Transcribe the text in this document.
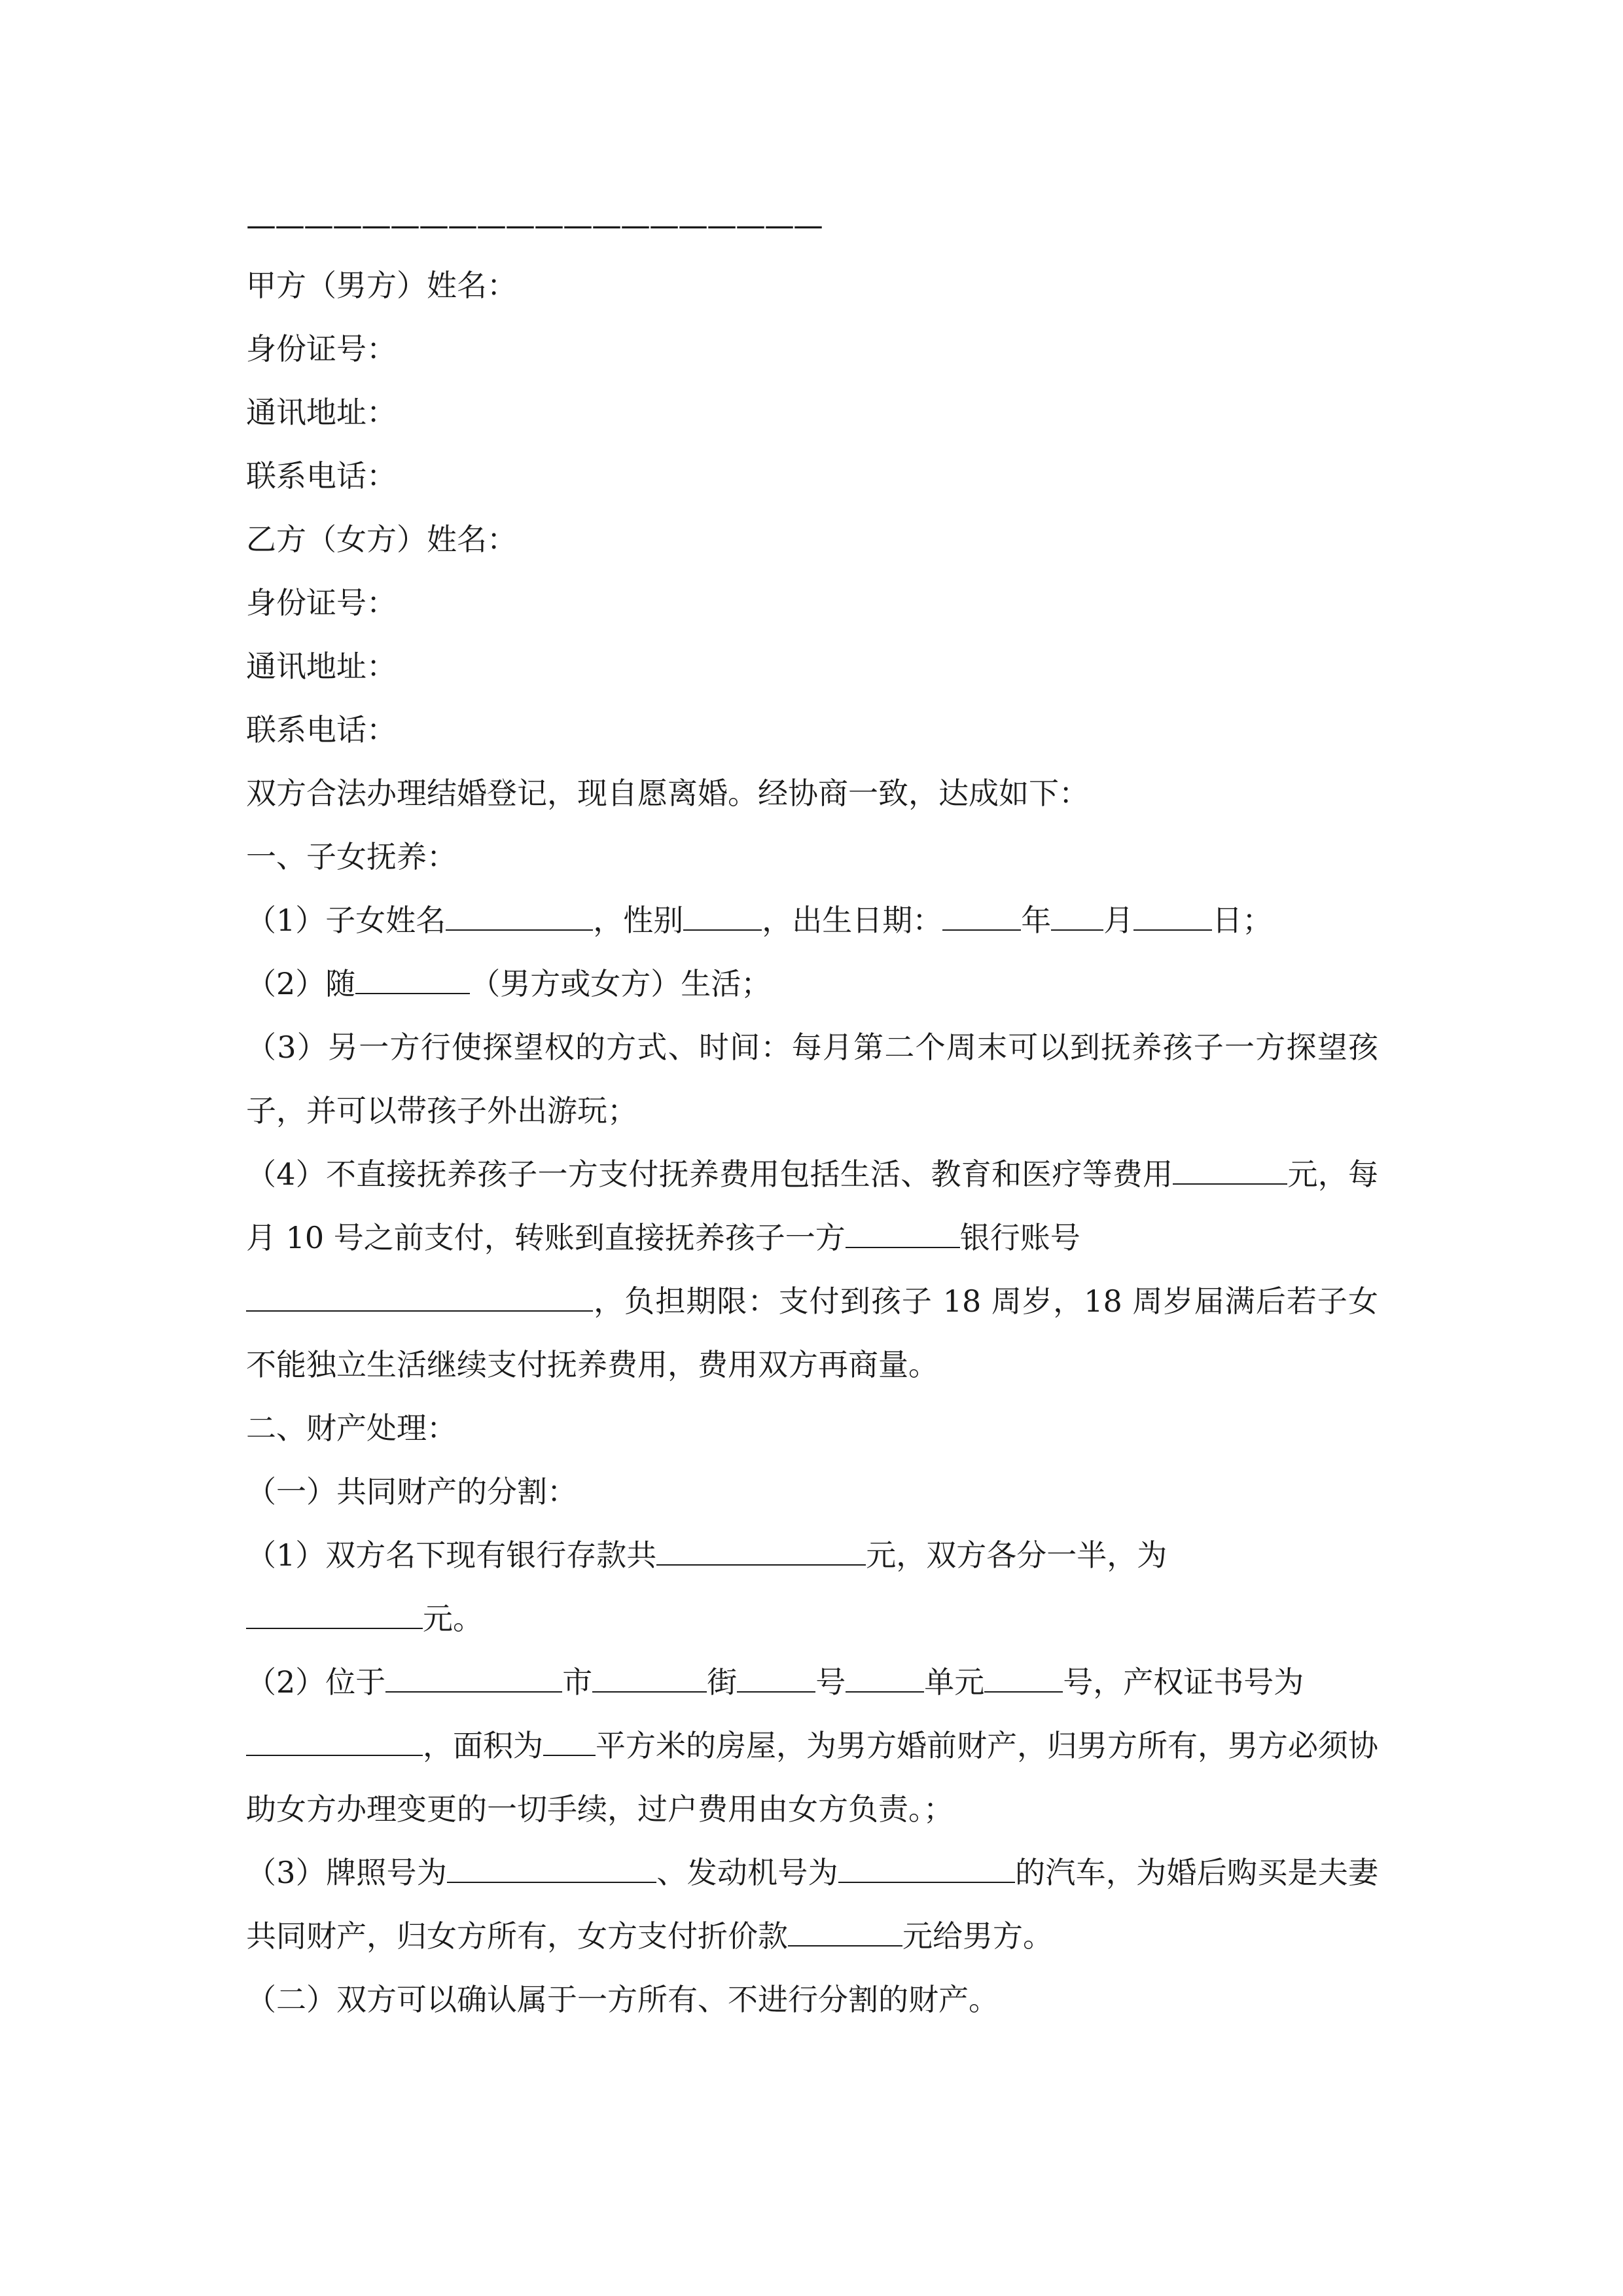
————————————————————
甲方（男方）姓名：
身份证号：
通讯地址：
联系电话：
乙方（女方）姓名：
身份证号：
通讯地址：
联系电话：
双方合法办理结婚登记，现自愿离婚。经协商一致，达成如下：
一、子女抚养：
（1）子女姓名	，性别	，出生日期：	年 月	日；
（2）随	（男方或女方）生活；
（3）另一方行使探望权的方式、时间：每月第二个周末可以到抚养孩子一方探望孩子，并可以带孩子外出游玩；
（4）不直接抚养孩子一方支付抚养费用包括生活、教育和医疗等费用	元，每月 10 号之前支付，转账到直接抚养孩子一方	银行账号
，负担期限：支付到孩子 18 周岁，18 周岁届满后若子女不能独立生活继续支付抚养费用，费用双方再商量。
二、财产处理：
（一）共同财产的分割：
（1）双方名下现有银行存款共	元，双方各分一半，为
元。
（2）位于	市	街	号	单元	号，产权证书号为
，面积为 平方米的房屋，为男方婚前财产，归男方所有，男方必须协助女方办理变更的一切手续，过户费用由女方负责。；
（3）牌照号为	、发动机号为	的汽车，为婚后购买是夫妻共同财产，归女方所有，女方支付折价款	元给男方。
（二）双方可以确认属于一方所有、不进行分割的财产。
